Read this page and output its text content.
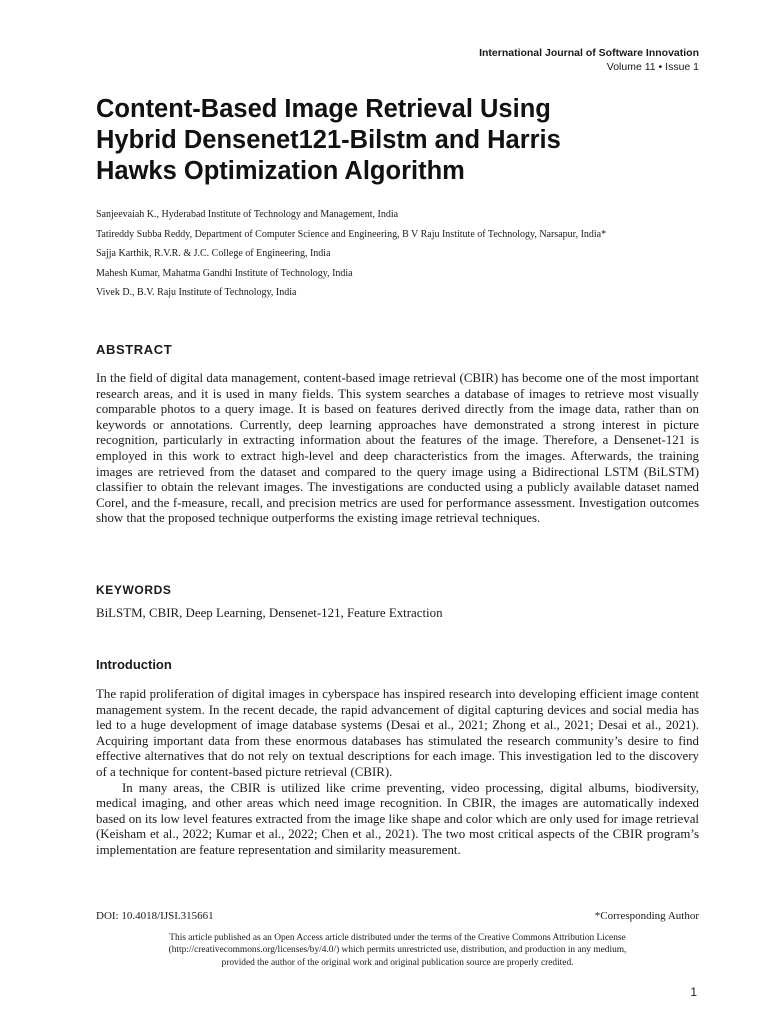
International Journal of Software Innovation
Volume 11 • Issue 1
Content-Based Image Retrieval Using
Hybrid Densenet121-Bilstm and Harris
Hawks Optimization Algorithm
Sanjeevaiah K., Hyderabad Institute of Technology and Management, India
Tatireddy Subba Reddy, Department of Computer Science and Engineering, B V Raju Institute of Technology, Narsapur, India*
Sajja Karthik, R.V.R. & J.C. College of Engineering, India
Mahesh Kumar, Mahatma Gandhi Institute of Technology, India
Vivek D., B.V. Raju Institute of Technology, India
ABSTRACT

In the field of digital data management, content-based image retrieval (CBIR) has become one of the most important research areas, and it is used in many fields. This system searches a database of images to retrieve most visually comparable photos to a query image. It is based on features derived directly from the image data, rather than on keywords or annotations. Currently, deep learning approaches have demonstrated a strong interest in picture recognition, particularly in extracting information about the features of the image. Therefore, a Densenet-121 is employed in this work to extract high-level and deep characteristics from the images. Afterwards, the training images are retrieved from the dataset and compared to the query image using a Bidirectional LSTM (BiLSTM) classifier to obtain the relevant images. The investigations are conducted using a publicly available dataset named Corel, and the f-measure, recall, and precision metrics are used for performance assessment. Investigation outcomes show that the proposed technique outperforms the existing image retrieval techniques.

KEYWORDS

BiLSTM, CBIR, Deep Learning, Densenet-121, Feature Extraction

Introduction

The rapid proliferation of digital images in cyberspace has inspired research into developing efficient image content management system. In the recent decade, the rapid advancement of digital capturing devices and social media has led to a huge development of image database systems (Desai et al., 2021; Zhong et al., 2021; Desai et al., 2021). Acquiring important data from these enormous databases has stimulated the research community’s desire to find effective alternatives that do not rely on textual descriptions for each image. This investigation led to the discovery of a technique for content-based picture retrieval (CBIR).

In many areas, the CBIR is utilized like crime preventing, video processing, digital albums, biodiversity, medical imaging, and other areas which need image recognition. In CBIR, the images are automatically indexed based on its low level features extracted from the image like shape and color which are only used for image retrieval (Keisham et al., 2022; Kumar et al., 2022; Chen et al., 2021). The two most critical aspects of the CBIR program’s implementation are feature representation and similarity measurement.

DOI: 10.4018/IJSI.315661	*Corresponding Author
This article published as an Open Access article distributed under the terms of the Creative Commons Attribution License
(http://creativecommons.org/licenses/by/4.0/) which permits unrestricted use, distribution, and production in any medium,
provided the author of the original work and original publication source are properly credited.
1
